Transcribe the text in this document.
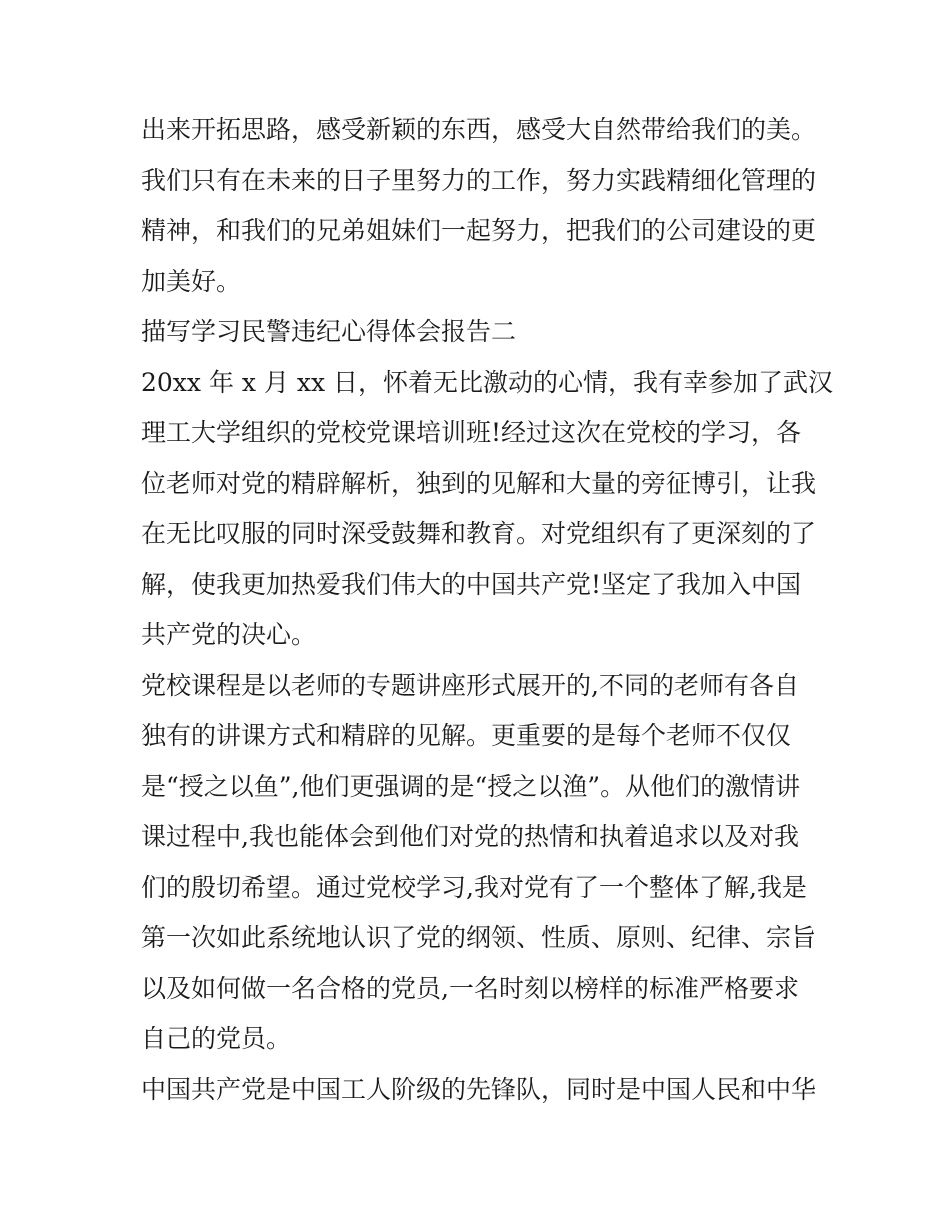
出来开拓思路，感受新颖的东西，感受大自然带给我们的美。
我们只有在未来的日子里努力的工作，努力实践精细化管理的
精神，和我们的兄弟姐妹们一起努力，把我们的公司建设的更
加美好。
描写学习民警违纪心得体会报告二
20xx 年 x 月 xx 日，怀着无比激动的心情，我有幸参加了武汉
理工大学组织的党校党课培训班!经过这次在党校的学习，各
位老师对党的精辟解析，独到的见解和大量的旁征博引，让我
在无比叹服的同时深受鼓舞和教育。对党组织有了更深刻的了
解，使我更加热爱我们伟大的中国共产党!坚定了我加入中国
共产党的决心。
党校课程是以老师的专题讲座形式展开的,不同的老师有各自
独有的讲课方式和精辟的见解。更重要的是每个老师不仅仅
是“授之以鱼”,他们更强调的是“授之以渔”。从他们的激情讲
课过程中,我也能体会到他们对党的热情和执着追求以及对我
们的殷切希望。通过党校学习,我对党有了一个整体了解,我是
第一次如此系统地认识了党的纲领、性质、原则、纪律、宗旨
以及如何做一名合格的党员,一名时刻以榜样的标准严格要求
自己的党员。
中国共产党是中国工人阶级的先锋队，同时是中国人民和中华
